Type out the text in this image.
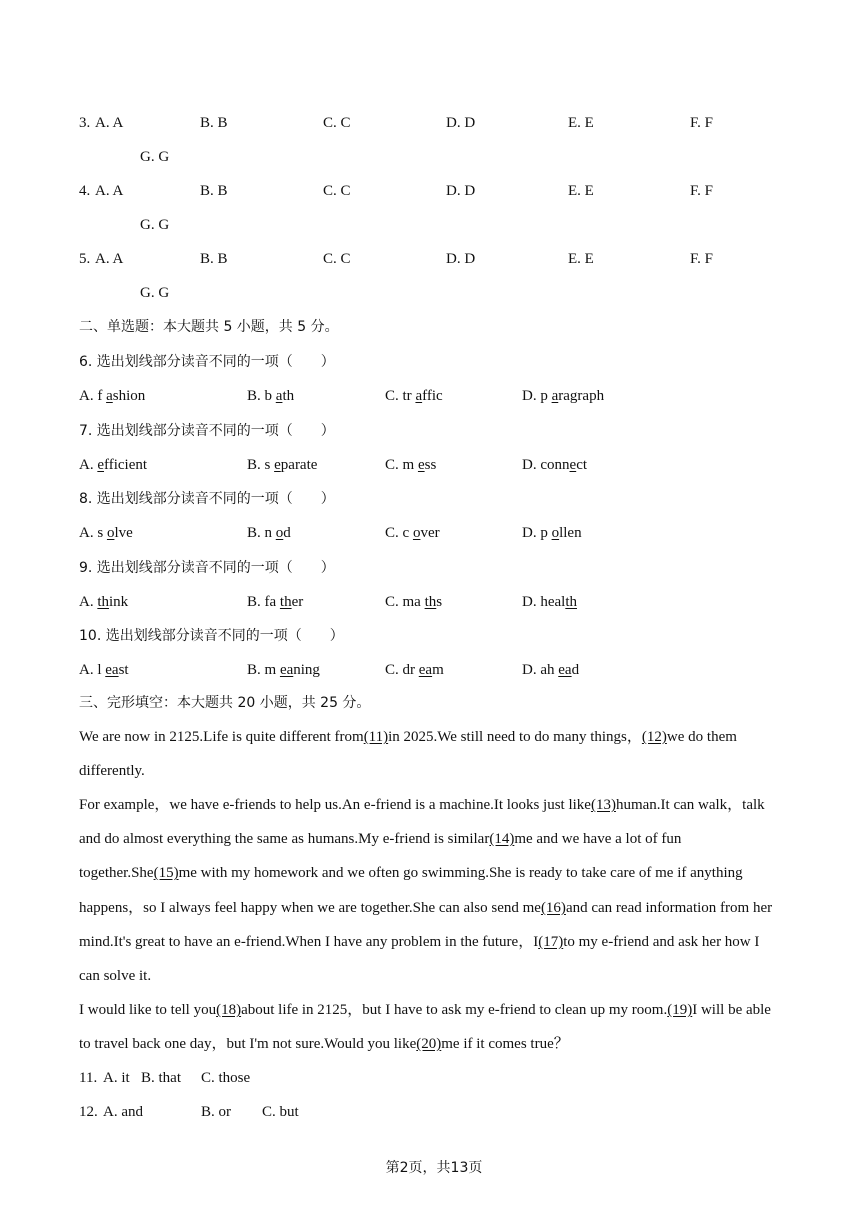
3. A. A	B. B	C. C	D. D	E. E	F. F
G. G
4. A. A	B. B	C. C	D. D	E. E	F. F
G. G
5. A. A	B. B	C. C	D. D	E. E	F. F
G. G
二、单选题：本大题共 5 小题，共 5 分。
6. 选出划线部分读音不同的一项（　　）
A. f ashion	B. b ath	C. tr affic	D. p aragraph
7. 选出划线部分读音不同的一项（　　）
A. efficient	B. s eparate	C. m ess	D. connect
8. 选出划线部分读音不同的一项（　　）
A. s olve	B. n od	C. c over	D. p ollen
9. 选出划线部分读音不同的一项（　　）
A. think	B. fa ther	C. ma ths	D. health
10. 选出划线部分读音不同的一项（　　）
A. l east	B. m eaning	C. dr eam	D. ah ead
三、完形填空：本大题共 20 小题，共 25 分。
We are now in 2125.Life is quite different from(11)in 2025.We still need to do many things，(12)we do them
differently.
For example，we have e-friends to help us.An e-friend is a machine.It looks just like(13)human.It can walk，talk
and do almost everything the same as humans.My e-friend is similar(14)me and we have a lot of fun
together.She(15)me with my homework and we often go swimming.She is ready to take care of me if anything
happens，so I always feel happy when we are together.She can also send me(16)and can read information from her
mind.It's great to have an e-friend.When I have any problem in the future，I(17)to my e-friend and ask her how I
can solve it.
I would like to tell you(18)about life in 2125，but I have to ask my e-friend to clean up my room.(19)I will be able
to travel back one day，but I'm not sure.Would you like(20)me if it comes true？
11. A. it B. that C. those
12. A. and	B. or C. but
第2页，共13页
